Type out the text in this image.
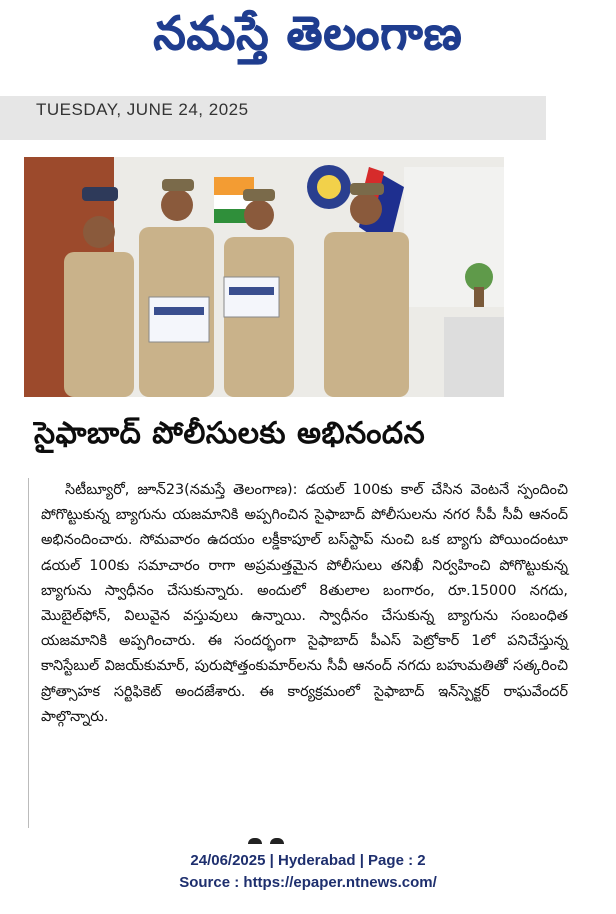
నమస్తే తెలంగాణ
TUESDAY, JUNE 24, 2025
సైఫాబాద్ పోలీసులకు అభినందన

సిటీబ్యూరో, జూన్23(నమస్తే తెలంగాణ): డయల్ 100కు కాల్ చేసిన వెంటనే స్పందించి పోగొట్టుకున్న బ్యాగును యజమానికి అప్పగించిన సైఫాబాద్ పోలీసులను నగర సీపీ సీవీ ఆనంద్ అభినందించారు. సోమవారం ఉదయం లక్డీకాపూల్ బస్‌స్టాప్ నుంచి ఒక బ్యాగు పోయిందంటూ డయల్ 100కు సమాచారం రాగా అప్రమత్తమైన పోలీసులు తనిఖీ నిర్వహించి పోగొట్టుకున్న బ్యాగును స్వాధీనం చేసుకున్నారు. అందులో 8తులాల బంగారం, రూ.15000 నగదు, మొబైల్‌ఫోన్, విలువైన వస్తువులు ఉన్నాయి. స్వాధీనం చేసుకున్న బ్యాగును సంబంధిత యజమానికి అప్పగించారు. ఈ సందర్భంగా సైఫాబాద్ పీఎస్ పెట్రోకార్ 1లో పనిచేస్తున్న కానిస్టేబుల్ విజయ్‌కుమార్, పురుషోత్తంకుమార్‌లను సీవీ ఆనంద్ నగదు బహుమతితో సత్కరించి ప్రోత్సాహక సర్టిఫికెట్ అందజేశారు. ఈ కార్యక్రమంలో సైఫాబాద్ ఇన్‌స్పెక్టర్ రాఘవేందర్ పాల్గొన్నారు.

24/06/2025 | Hyderabad | Page : 2
Source : https://epaper.ntnews.com/
